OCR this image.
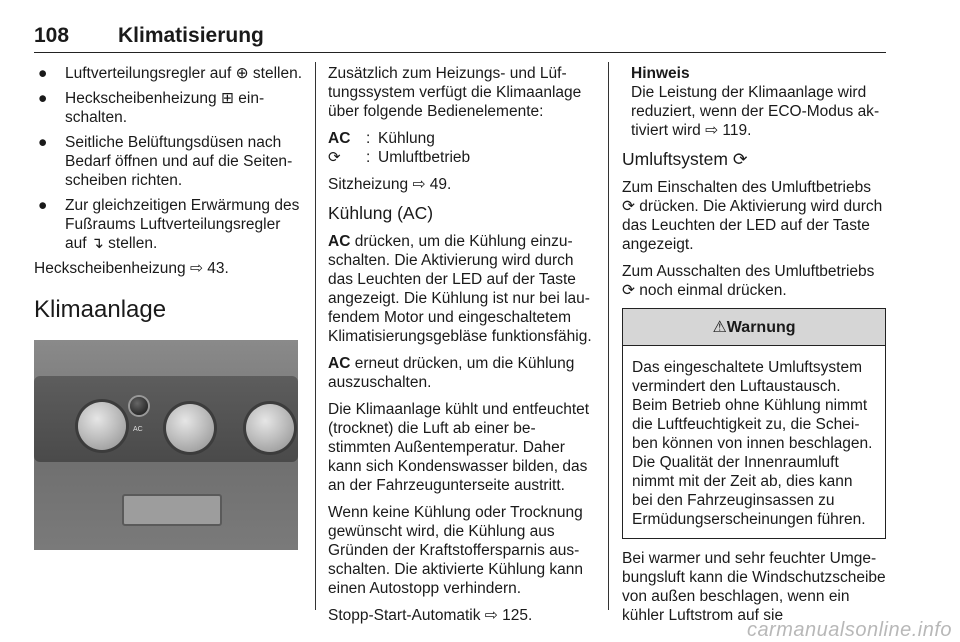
108 Klimatisierung
● Luftverteilungsregler auf ⊕ stellen.
● Heckscheibenheizung ⊞ einschalten.
● Seitliche Belüftungsdüsen nach Bedarf öffnen und auf die Seitenscheiben richten.
● Zur gleichzeitigen Erwärmung des Fußraums Luftverteilungsregler auf ↴ stellen.

Heckscheibenheizung ⇨ 43.

Klimaanlage
AC

Zusätzlich zum Heizungs- und Lüftungssystem verfügt die Klimaanlage über folgende Bedienelemente:

AC	: Kühlung
⟳	: Umluftbetrieb

Sitzheizung ⇨ 49.

Kühlung (AC)

AC drücken, um die Kühlung einzuschalten. Die Aktivierung wird durch das Leuchten der LED auf der Taste angezeigt. Die Kühlung ist nur bei laufendem Motor und eingeschaltetem Klimatisierungsgebläse funktionsfähig.

AC erneut drücken, um die Kühlung auszuschalten.

Die Klimaanlage kühlt und entfeuchtet (trocknet) die Luft ab einer bestimmten Außentemperatur. Daher kann sich Kondenswasser bilden, das an der Fahrzeugunterseite austritt.

Wenn keine Kühlung oder Trocknung gewünscht wird, die Kühlung aus Gründen der Kraftstoffersparnis ausschalten. Die aktivierte Kühlung kann einen Autostopp verhindern.

Stopp-Start-Automatik ⇨ 125.

Hinweis

Die Leistung der Klimaanlage wird reduziert, wenn der ECO-Modus aktiviert wird ⇨ 119.

Umluftsystem ⟳

Zum Einschalten des Umluftbetriebs ⟳ drücken. Die Aktivierung wird durch das Leuchten der LED auf der Taste angezeigt.

Zum Ausschalten des Umluftbetriebs ⟳ noch einmal drücken.

⚠Warnung
Das eingeschaltete Umluftsystem vermindert den Luftaustausch. Beim Betrieb ohne Kühlung nimmt die Luftfeuchtigkeit zu, die Scheiben können von innen beschlagen. Die Qualität der Innenraumluft nimmt mit der Zeit ab, dies kann bei den Fahrzeuginsassen zu Ermüdungserscheinungen führen.

Bei warmer und sehr feuchter Umgebungsluft kann die Windschutzscheibe von außen beschlagen, wenn ein kühler Luftstrom auf sie

carmanualsonline.info
